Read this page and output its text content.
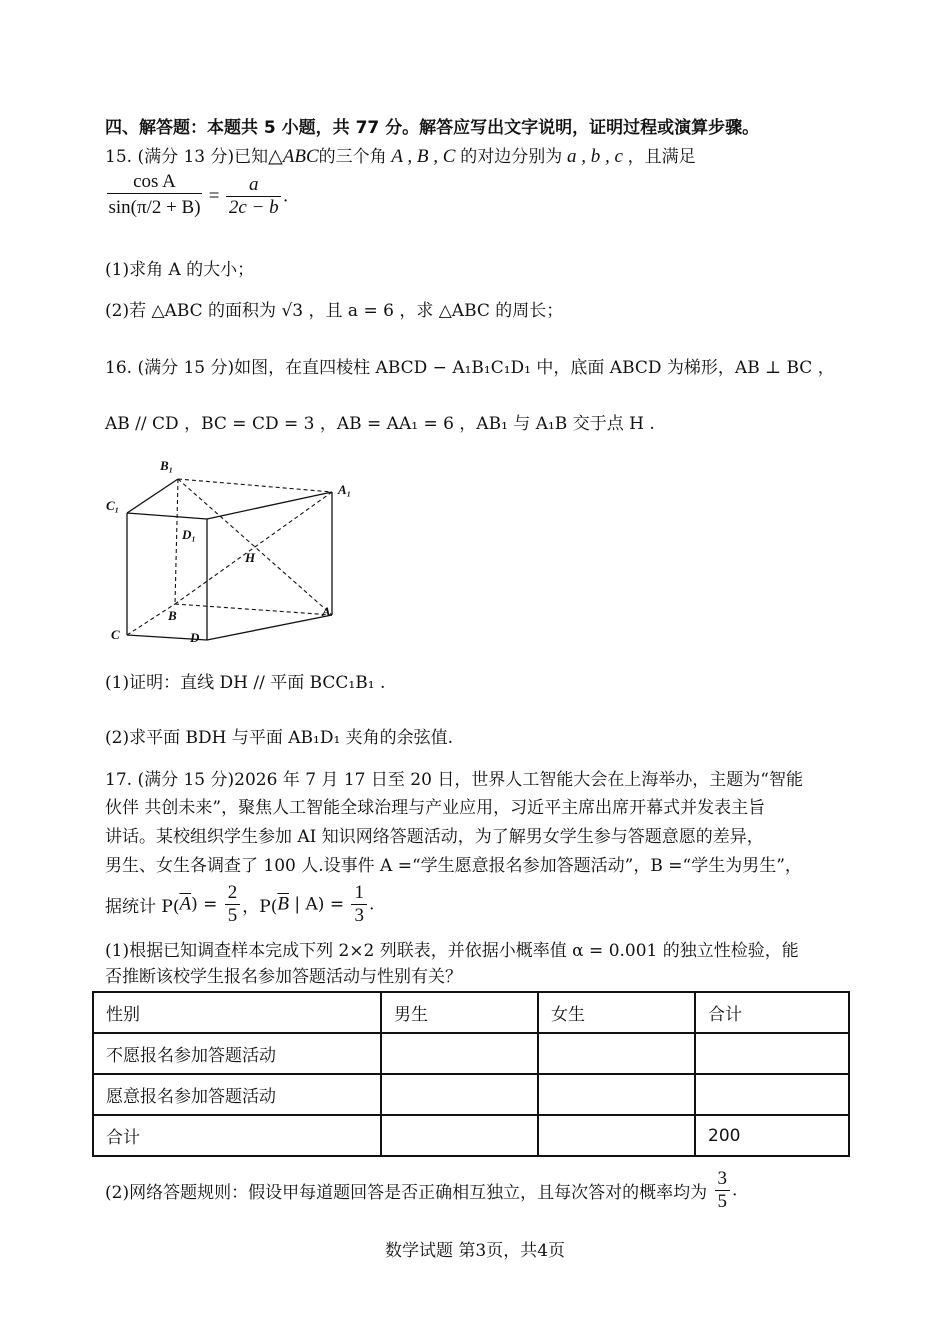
四、解答题：本题共 5 小题，共 77 分。解答应写出文字说明，证明过程或演算步骤。
15. (满分 13 分)已知△ABC的三个角 A , B , C 的对边分别为 a , b , c ，且满足
$\frac{\text{cos A}}{\sin(\pi/2 + B)} = \frac{a}{2c - b}$ .
(1)求角 A 的大小；
(2)若 △ABC 的面积为 √3 ，且 a = 6 ，求 △ABC 的周长；
16. (满分 15 分)如图，在直四棱柱 ABCD − A₁B₁C₁D₁ 中，底面 ABCD 为梯形，AB ⊥ BC ，
AB // CD ，BC = CD = 3 ，AB = AA₁ = 6 ，AB₁ 与 A₁B 交于点 H .
B₁
A₁
C₁
D₁
H
B	A
C	D
(1)证明：直线 DH // 平面 BCC₁B₁ .
(2)求平面 BDH 与平面 AB₁D₁ 夹角的余弦值.
17. (满分 15 分)2026 年 7 月 17 日至 20 日，世界人工智能大会在上海举办，主题为“智能
伙伴 共创未来”，聚焦人工智能全球治理与产业应用，习近平主席出席开幕式并发表主旨
讲话。某校组织学生参加 AI 知识网络答题活动，为了解男女学生参与答题意愿的差异，
男生、女生各调查了 100 人.设事件 A =“学生愿意报名参加答题活动”，B =“学生为男生”，
据统计 $P(\overline{A}) = \frac{2}{5}$ ，$P(\overline{B}$ | $A) = \frac{1}{3}$ .
(1)根据已知调查样本完成下列 2×2 列联表，并依据小概率值 α = 0.001 的独立性检验，能
否推断该校学生报名参加答题活动与性别有关？
性别	男生	女生	合计
不愿报名参加答题活动			
愿意报名参加答题活动			
合计			200
(2)网络答题规则：假设甲每道题回答是否正确相互独立，且每次答对的概率均为 $\frac{3}{5}$ .
数学试题 第3页，共4页
